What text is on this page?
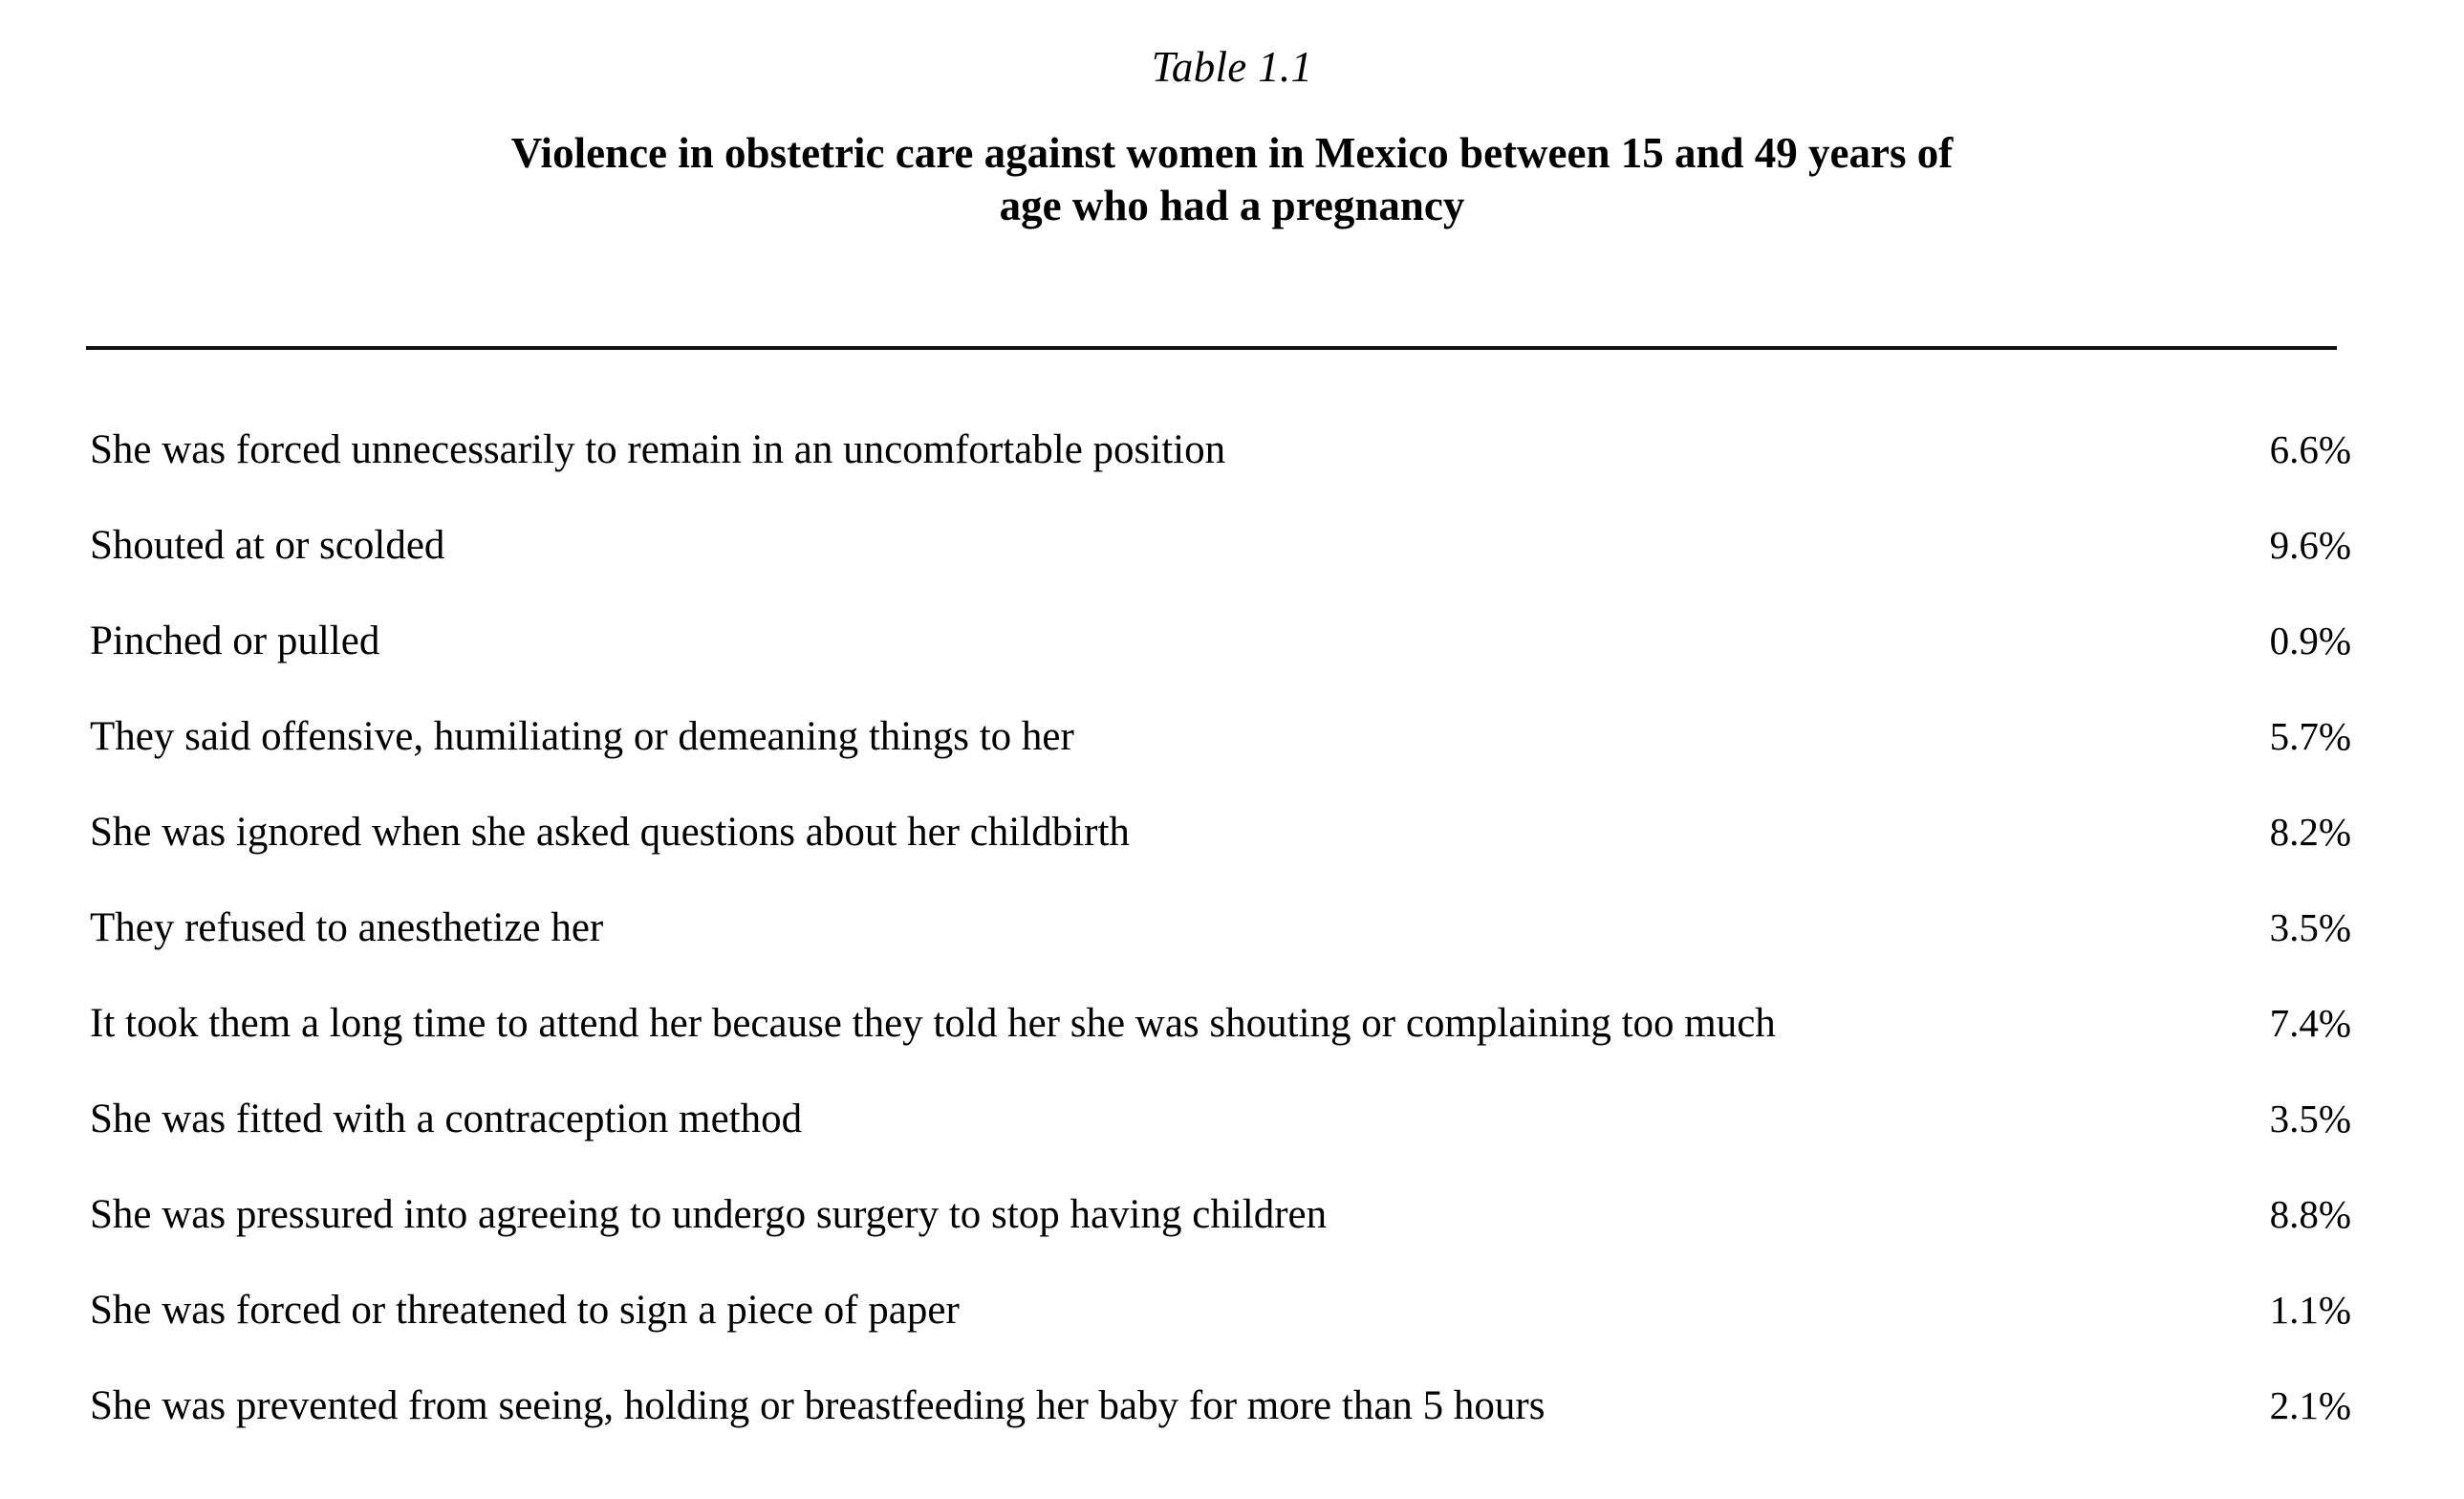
Table 1.1
Violence in obstetric care against women in Mexico between 15 and 49 years of
age who had a pregnancy
She was forced unnecessarily to remain in an uncomfortable position	6.6%
Shouted at or scolded	9.6%
Pinched or pulled	0.9%
They said offensive, humiliating or demeaning things to her	5.7%
She was ignored when she asked questions about her childbirth	8.2%
They refused to anesthetize her	3.5%
It took them a long time to attend her because they told her she was shouting or complaining too much	7.4%
She was fitted with a contraception method	3.5%
She was pressured into agreeing to undergo surgery to stop having children	8.8%
She was forced or threatened to sign a piece of paper	1.1%
She was prevented from seeing, holding or breastfeeding her baby for more than 5 hours	2.1%
